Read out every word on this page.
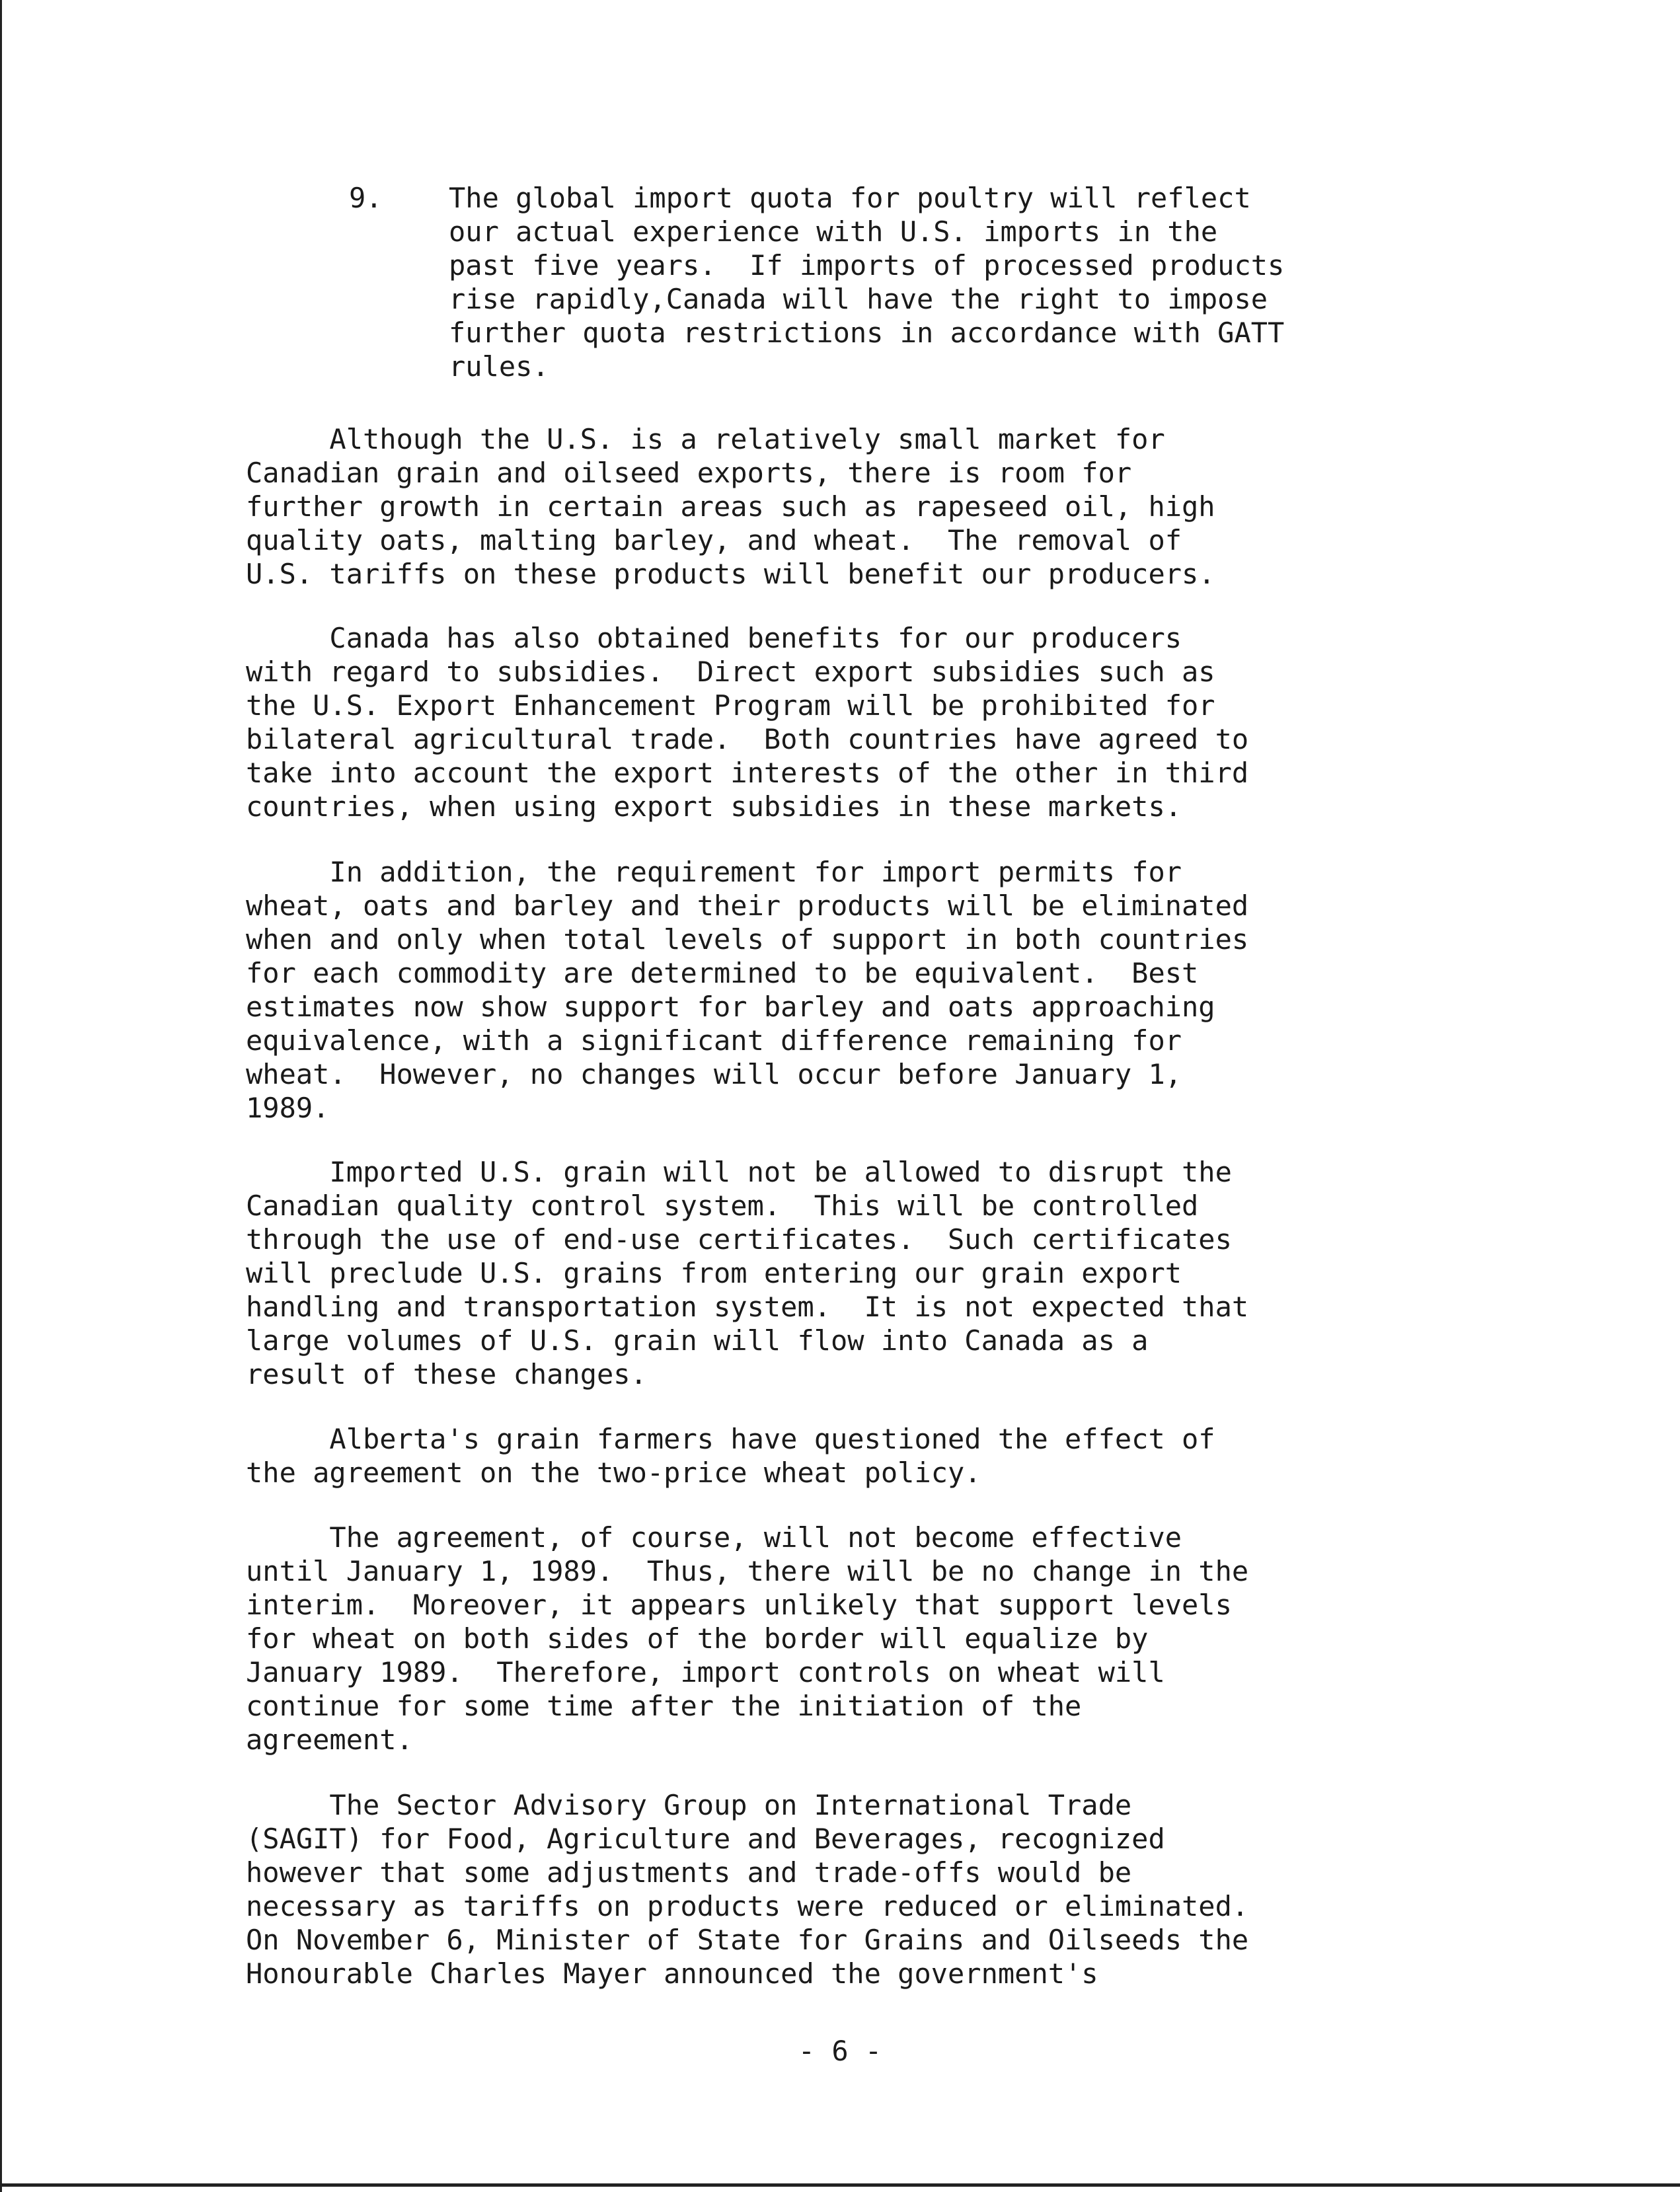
9. The global import quota for poultry will reflect
our actual experience with U.S. imports in the
past five years.  If imports of processed products
rise rapidly,Canada will have the right to impose
further quota restrictions in accordance with GATT
rules.
Although the U.S. is a relatively small market for
Canadian grain and oilseed exports, there is room for
further growth in certain areas such as rapeseed oil, high
quality oats, malting barley, and wheat.  The removal of
U.S. tariffs on these products will benefit our producers.
Canada has also obtained benefits for our producers
with regard to subsidies.  Direct export subsidies such as
the U.S. Export Enhancement Program will be prohibited for
bilateral agricultural trade.  Both countries have agreed to
take into account the export interests of the other in third
countries, when using export subsidies in these markets.
In addition, the requirement for import permits for
wheat, oats and barley and their products will be eliminated
when and only when total levels of support in both countries
for each commodity are determined to be equivalent.  Best
estimates now show support for barley and oats approaching
equivalence, with a significant difference remaining for
wheat.  However, no changes will occur before January 1,
1989.
Imported U.S. grain will not be allowed to disrupt the
Canadian quality control system.  This will be controlled
through the use of end-use certificates.  Such certificates
will preclude U.S. grains from entering our grain export
handling and transportation system.  It is not expected that
large volumes of U.S. grain will flow into Canada as a
result of these changes.
Alberta's grain farmers have questioned the effect of
the agreement on the two-price wheat policy.
The agreement, of course, will not become effective
until January 1, 1989.  Thus, there will be no change in the
interim.  Moreover, it appears unlikely that support levels
for wheat on both sides of the border will equalize by
January 1989.  Therefore, import controls on wheat will
continue for some time after the initiation of the
agreement.
The Sector Advisory Group on International Trade
(SAGIT) for Food, Agriculture and Beverages, recognized
however that some adjustments and trade-offs would be
necessary as tariffs on products were reduced or eliminated.
On November 6, Minister of State for Grains and Oilseeds the
Honourable Charles Mayer announced the government's
- 6 -
